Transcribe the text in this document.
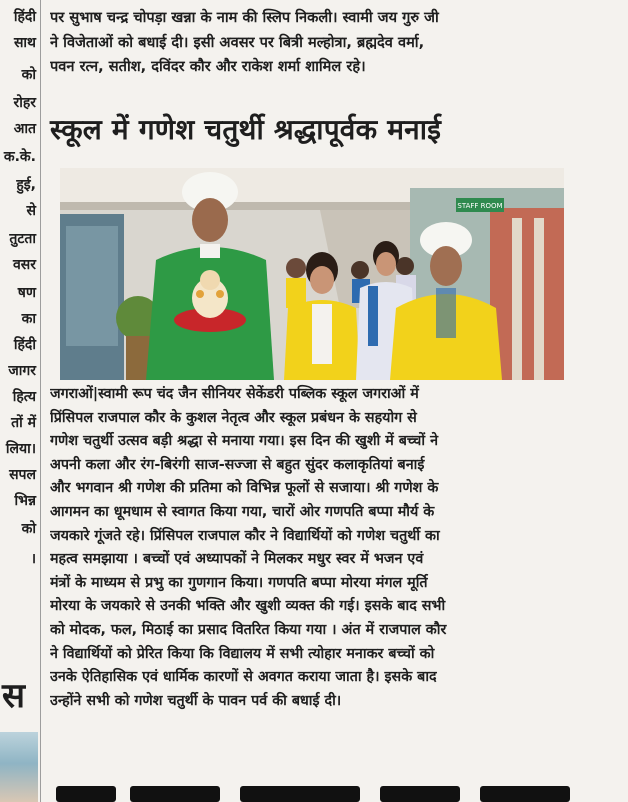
हिंदी
साथ
को
रोहर
आत
क.के.
हुई,
से
तुटता
वसर
षण
का
हिंदी
जागर
हित्य
तों में
लिया।
सपल
भिन्न
को
।
स
पर सुभाष चन्द्र चोपड़ा खन्ना के नाम की स्लिप निकली। स्वामी जय गुरु जी
ने विजेताओं को बधाई दी। इसी अवसर पर बित्री मल्होत्रा, ब्रह्मदेव वर्मा,
पवन रत्न, सतीश, दविंदर कौर और राकेश शर्मा शामिल रहे।
स्कूल में गणेश चतुर्थी श्रद्धापूर्वक मनाई
STAFF ROOM
जगराओं|स्वामी रूप चंद जैन सीनियर सेकेंडरी पब्लिक स्कूल जगराओं में
प्रिंसिपल राजपाल कौर के कुशल नेतृत्व और स्कूल प्रबंधन के सहयोग से
गणेश चतुर्थी उत्सव बड़ी श्रद्धा से मनाया गया। इस दिन की खुशी में बच्चों ने
अपनी कला और रंग-बिरंगी साज-सज्जा से बहुत सुंदर कलाकृतियां बनाई
और भगवान श्री गणेश की प्रतिमा को विभिन्न फूलों से सजाया। श्री गणेश के
आगमन का धूमधाम से स्वागत किया गया, चारों ओर गणपति बप्पा मौर्य के
जयकारे गूंजते रहे। प्रिंसिपल राजपाल कौर ने विद्यार्थियों को गणेश चतुर्थी का
महत्व समझाया । बच्चों एवं अध्यापकों ने मिलकर मधुर स्वर में भजन एवं
मंत्रों के माध्यम से प्रभु का गुणगान किया। गणपति बप्पा मोरया मंगल मूर्ति
मोरया के जयकारे से उनकी भक्ति और खुशी व्यक्त की गई। इसके बाद सभी
को मोदक, फल, मिठाई का प्रसाद वितरित किया गया । अंत में राजपाल कौर
ने विद्यार्थियों को प्रेरित किया कि विद्यालय में सभी त्योहार मनाकर बच्चों को
उनके ऐतिहासिक एवं धार्मिक कारणों से अवगत कराया जाता है। इसके बाद
उन्होंने सभी को गणेश चतुर्थी के पावन पर्व की बधाई दी।
